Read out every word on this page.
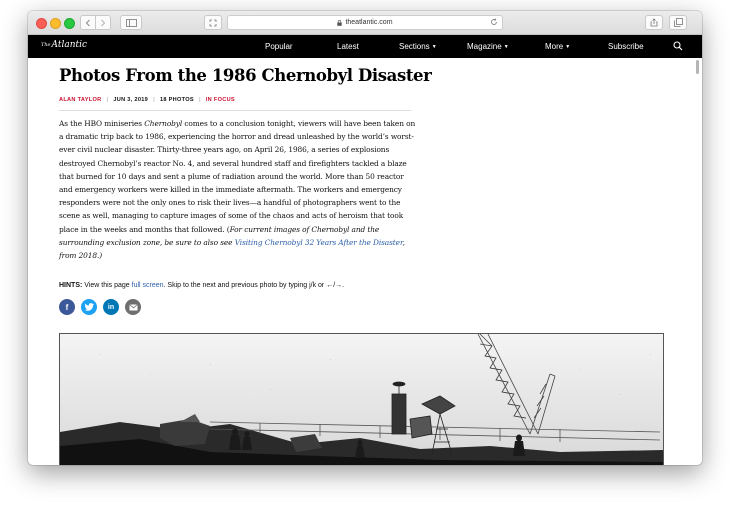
theatlantic.com
$^{The}$Atlantic	Popular	Latest	Sections ▼	Magazine ▼	More ▼	Subscribe
Photos From the 1986 Chernobyl Disaster
ALAN TAYLOR | JUN 3, 2019 | 18 PHOTOS | IN FOCUS

As the HBO miniseries Chernobyl comes to a conclusion tonight, viewers will have been taken on a dramatic trip back to 1986, experiencing the horror and dread unleashed by the world’s worst-ever civil nuclear disaster. Thirty-three years ago, on April 26, 1986, a series of explosions destroyed Chernobyl’s reactor No. 4, and several hundred staff and firefighters tackled a blaze that burned for 10 days and sent a plume of radiation around the world. More than 50 reactor and emergency workers were killed in the immediate aftermath. The workers and emergency responders were not the only ones to risk their lives—a handful of photographers went to the scene as well, managing to capture images of some of the chaos and acts of heroism that took place in the weeks and months that followed. (For current images of Chernobyl and the surrounding exclusion zone, be sure to also see Visiting Chernobyl 32 Years After the Disaster, from 2018.)

HINTS: View this page full screen. Skip to the next and previous photo by typing j/k or ←/→.
f	in
